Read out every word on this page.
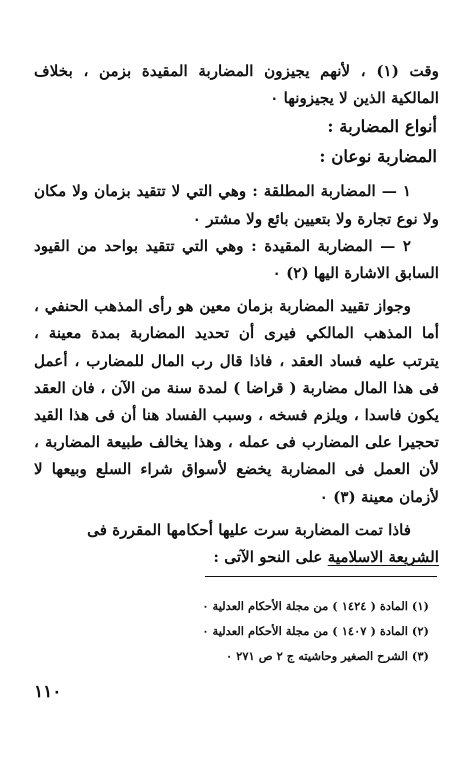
وقت (١) ، لأنهم يجيزون المضاربة المقيدة بزمن ، بخلاف المالكية الذين لا يجيزونها ٠

أنواع المضاربة :

المضاربة نوعان :

١ — المضاربة المطلقة : وهي التي لا تتقيد بزمان ولا مكان ولا نوع تجارة ولا بتعيين بائع ولا مشتر ٠

٢ — المضاربة المقيدة : وهي التي تتقيد بواحد من القيود السابق الاشارة اليها (٢) ٠

وجواز تقييد المضاربة بزمان معين هو رأى المذهب الحنفي ، أما المذهب المالكي فيرى أن تحديد المضاربة بمدة معينة ، يترتب عليه فساد العقد ، فاذا قال رب المال للمضارب ، أعمل فى هذا المال مضاربة ( قراضا ) لمدة سنة من الآن ، فان العقد يكون فاسدا ، ويلزم فسخه ، وسبب الفساد هنا أن فى هذا القيد تحجيرا على المضارب فى عمله ، وهذا يخالف طبيعة المضاربة ، لأن العمل فى المضاربة يخضع لأسواق شراء السلع وبيعها لا لأزمان معينة (٣) ٠

فاذا تمت المضاربة سرت عليها أحكامها المقررة فى
الشريعة الاسلامية على النحو الآتى :

(١) المادة ( ١٤٢٤ ) من مجلة الأحكام العدلية ٠

(٢) المادة ( ١٤٠٧ ) من مجلة الأحكام العدلية ٠

(٣) الشرح الصغير وحاشيته ج ٢ ص ٢٧١ ٠

١١٠
